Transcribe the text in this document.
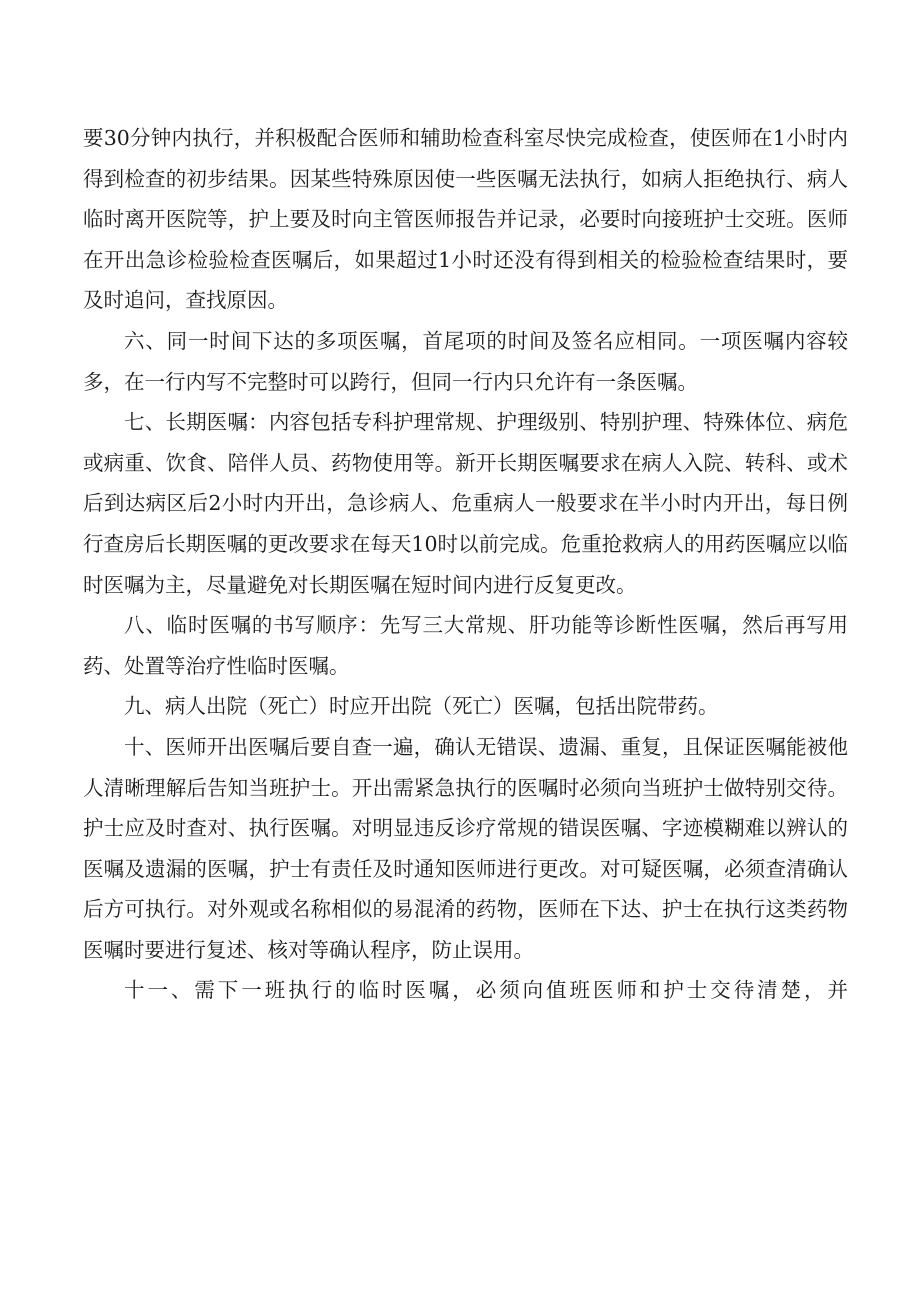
要30分钟内执行，并积极配合医师和辅助检查科室尽快完成检查，使医师在1小时内得到检查的初步结果。因某些特殊原因使一些医嘱无法执行，如病人拒绝执行、病人临时离开医院等，护上要及时向主管医师报告并记录，必要时向接班护士交班。医师在开出急诊检验检查医嘱后，如果超过1小时还没有得到相关的检验检查结果时，要及时追问，查找原因。

六、同一时间下达的多项医嘱，首尾项的时间及签名应相同。一项医嘱内容较多，在一行内写不完整时可以跨行，但同一行内只允许有一条医嘱。

七、长期医嘱：内容包括专科护理常规、护理级别、特别护理、特殊体位、病危或病重、饮食、陪伴人员、药物使用等。新开长期医嘱要求在病人入院、转科、或术后到达病区后2小时内开出，急诊病人、危重病人一般要求在半小时内开出，每日例行查房后长期医嘱的更改要求在每天10时以前完成。危重抢救病人的用药医嘱应以临时医嘱为主，尽量避免对长期医嘱在短时间内进行反复更改。

八、临时医嘱的书写顺序：先写三大常规、肝功能等诊断性医嘱，然后再写用药、处置等治疗性临时医嘱。

九、病人出院（死亡）时应开出院（死亡）医嘱，包括出院带药。

十、医师开出医嘱后要自查一遍，确认无错误、遗漏、重复，且保证医嘱能被他人清晰理解后告知当班护士。开出需紧急执行的医嘱时必须向当班护士做特别交待。护士应及时查对、执行医嘱。对明显违反诊疗常规的错误医嘱、字迹模糊难以辨认的医嘱及遗漏的医嘱，护士有责任及时通知医师进行更改。对可疑医嘱，必须查清确认后方可执行。对外观或名称相似的易混淆的药物，医师在下达、护士在执行这类药物医嘱时要进行复述、核对等确认程序，防止误用。

十一、需下一班执行的临时医嘱，必须向值班医师和护士交待清楚，并
